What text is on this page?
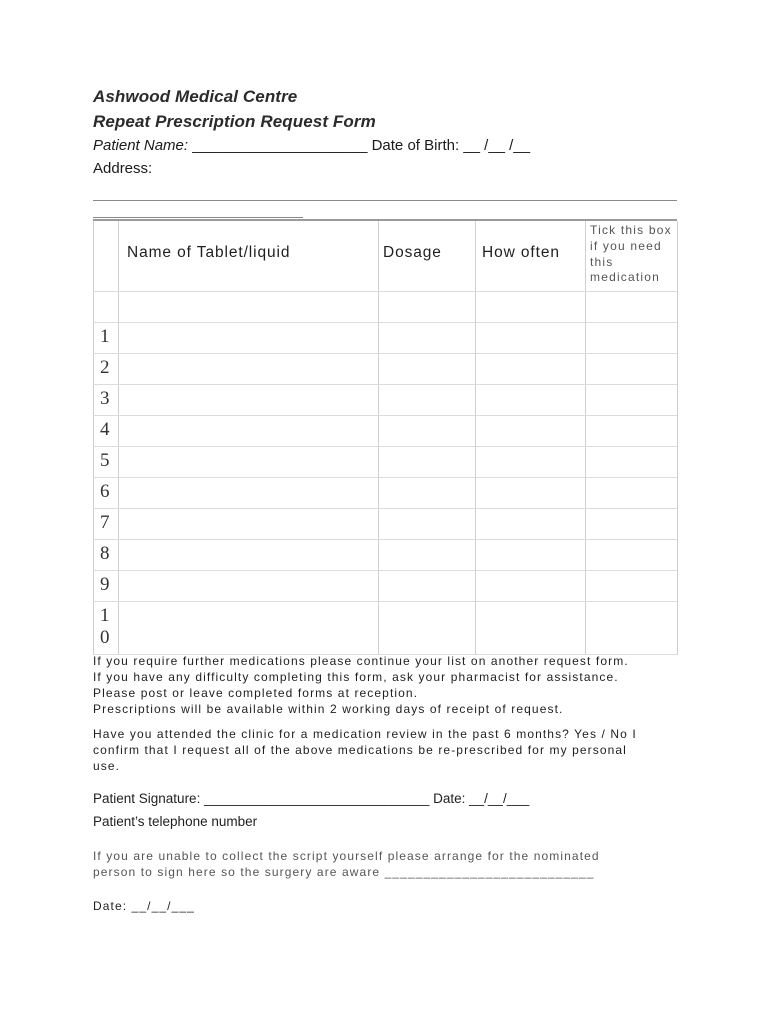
Ashwood Medical Centre
Repeat Prescription Request Form
Patient Name: _____________________ Date of Birth: __ /__ /__
Address:
Name of Tablet/liquid	Dosage	How often
Tick this box if you need this medication
1
2
3
4
5
6
7
8
9
1
0
If you require further medications please continue your list on another request form.
If you have any difficulty completing this form, ask your pharmacist for assistance.
Please post or leave completed forms at reception.
Prescriptions will be available within 2 working days of receipt of request.
Have you attended the clinic for a medication review in the past 6 months? Yes / No I
confirm that I request all of the above medications be re-prescribed for my personal
use.
Patient Signature: ______________________________ Date: __/__/___
Patient’s telephone number
If you are unable to collect the script yourself please arrange for the nominated
person to sign here so the surgery are aware ___________________________
Date: __/__/___
